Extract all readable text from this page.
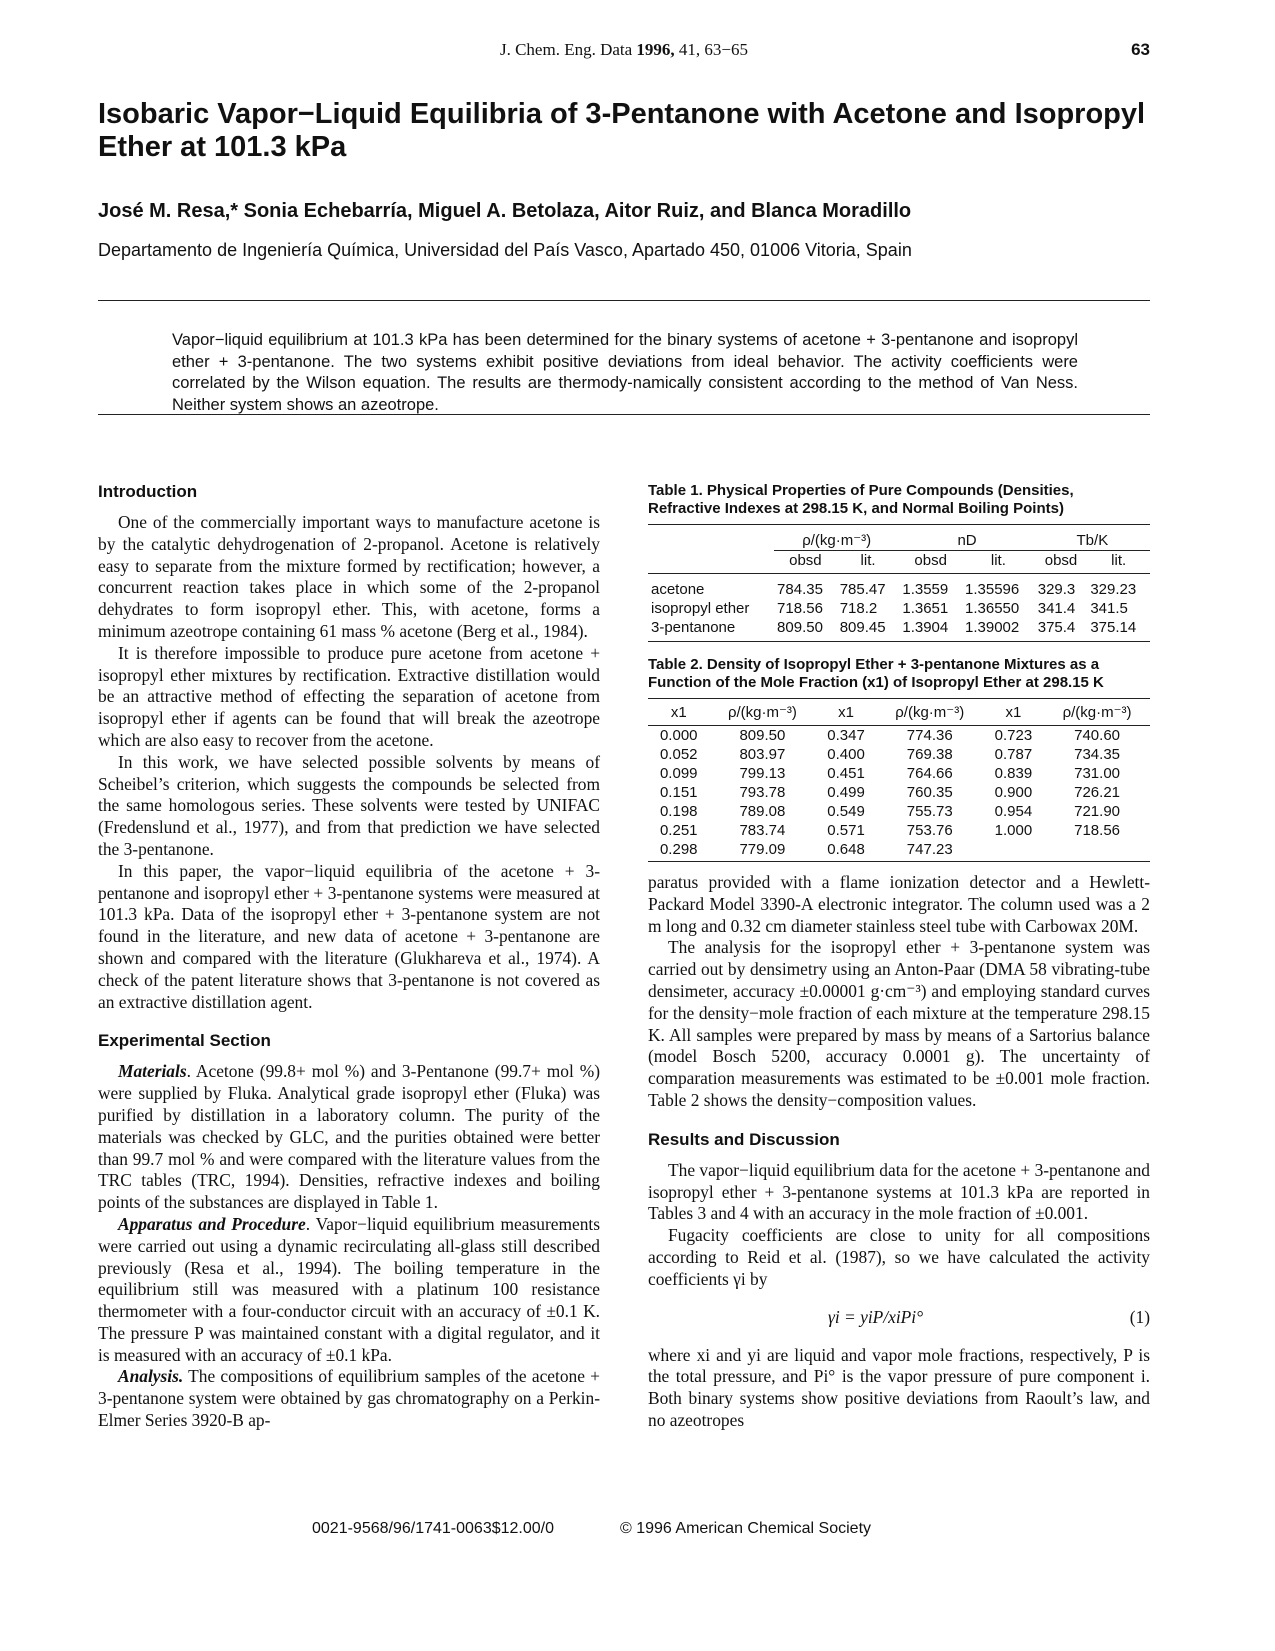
J. Chem. Eng. Data 1996, 41, 63−65	63
Isobaric Vapor−Liquid Equilibria of 3-Pentanone with Acetone and Isopropyl Ether at 101.3 kPa

José M. Resa,* Sonia Echebarría, Miguel A. Betolaza, Aitor Ruiz, and Blanca Moradillo

Departamento de Ingeniería Química, Universidad del País Vasco, Apartado 450, 01006 Vitoria, Spain

Vapor−liquid equilibrium at 101.3 kPa has been determined for the binary systems of acetone + 3-pentanone and isopropyl ether + 3-pentanone. The two systems exhibit positive deviations from ideal behavior. The activity coefficients were correlated by the Wilson equation. The results are thermody-namically consistent according to the method of Van Ness. Neither system shows an azeotrope.

Introduction

One of the commercially important ways to manufacture acetone is by the catalytic dehydrogenation of 2-propanol. Acetone is relatively easy to separate from the mixture formed by rectification; however, a concurrent reaction takes place in which some of the 2-propanol dehydrates to form isopropyl ether. This, with acetone, forms a minimum azeotrope containing 61 mass % acetone (Berg et al., 1984).

It is therefore impossible to produce pure acetone from acetone + isopropyl ether mixtures by rectification. Extractive distillation would be an attractive method of effecting the separation of acetone from isopropyl ether if agents can be found that will break the azeotrope which are also easy to recover from the acetone.

In this work, we have selected possible solvents by means of Scheibel’s criterion, which suggests the compounds be selected from the same homologous series. These solvents were tested by UNIFAC (Fredenslund et al., 1977), and from that prediction we have selected the 3-pentanone.

In this paper, the vapor−liquid equilibria of the acetone + 3-pentanone and isopropyl ether + 3-pentanone systems were measured at 101.3 kPa. Data of the isopropyl ether + 3-pentanone system are not found in the literature, and new data of acetone + 3-pentanone are shown and compared with the literature (Glukhareva et al., 1974). A check of the patent literature shows that 3-pentanone is not covered as an extractive distillation agent.

Experimental Section

Materials. Acetone (99.8+ mol %) and 3-Pentanone (99.7+ mol %) were supplied by Fluka. Analytical grade isopropyl ether (Fluka) was purified by distillation in a laboratory column. The purity of the materials was checked by GLC, and the purities obtained were better than 99.7 mol % and were compared with the literature values from the TRC tables (TRC, 1994). Densities, refractive indexes and boiling points of the substances are displayed in Table 1.

Apparatus and Procedure. Vapor−liquid equilibrium measurements were carried out using a dynamic recirculating all-glass still described previously (Resa et al., 1994). The boiling temperature in the equilibrium still was measured with a platinum 100 resistance thermometer with a four-conductor circuit with an accuracy of ±0.1 K. The pressure P was maintained constant with a digital regulator, and it is measured with an accuracy of ±0.1 kPa.

Analysis. The compositions of equilibrium samples of the acetone + 3-pentanone system were obtained by gas chromatography on a Perkin-Elmer Series 3920-B ap-

Table 1. Physical Properties of Pure Compounds (Densities, Refractive Indexes at 298.15 K, and Normal Boiling Points)

	ρ/(kg·m⁻³)		nD		Tb/K	
	obsd	lit.	obsd	lit.	obsd	lit.

acetone	784.35	785.47	1.3559	1.35596	329.3	329.23
isopropyl ether	718.56	718.2	1.3651	1.36550	341.4	341.5
3-pentanone	809.50	809.45	1.3904	1.39002	375.4	375.14

Table 2. Density of Isopropyl Ether + 3-pentanone Mixtures as a Function of the Mole Fraction (x1) of Isopropyl Ether at 298.15 K

x1	ρ/(kg·m⁻³)	x1	ρ/(kg·m⁻³)	x1	ρ/(kg·m⁻³)
0.000	809.50	0.347	774.36	0.723	740.60
0.052	803.97	0.400	769.38	0.787	734.35
0.099	799.13	0.451	764.66	0.839	731.00
0.151	793.78	0.499	760.35	0.900	726.21
0.198	789.08	0.549	755.73	0.954	721.90
0.251	783.74	0.571	753.76	1.000	718.56
0.298	779.09	0.648	747.23		

paratus provided with a flame ionization detector and a Hewlett-Packard Model 3390-A electronic integrator. The column used was a 2 m long and 0.32 cm diameter stainless steel tube with Carbowax 20M.

The analysis for the isopropyl ether + 3-pentanone system was carried out by densimetry using an Anton-Paar (DMA 58 vibrating-tube densimeter, accuracy ±0.00001 g·cm⁻³) and employing standard curves for the density−mole fraction of each mixture at the temperature 298.15 K. All samples were prepared by mass by means of a Sartorius balance (model Bosch 5200, accuracy 0.0001 g). The uncertainty of comparation measurements was estimated to be ±0.001 mole fraction. Table 2 shows the density−composition values.

Results and Discussion

The vapor−liquid equilibrium data for the acetone + 3-pentanone and isopropyl ether + 3-pentanone systems at 101.3 kPa are reported in Tables 3 and 4 with an accuracy in the mole fraction of ±0.001.

Fugacity coefficients are close to unity for all compositions according to Reid et al. (1987), so we have calculated the activity coefficients γi by

γi = yiP/xiPi°	(1)

where xi and yi are liquid and vapor mole fractions, respectively, P is the total pressure, and Pi° is the vapor pressure of pure component i. Both binary systems show positive deviations from Raoult’s law, and no azeotropes

0021-9568/96/1741-0063$12.00/0	© 1996 American Chemical Society
